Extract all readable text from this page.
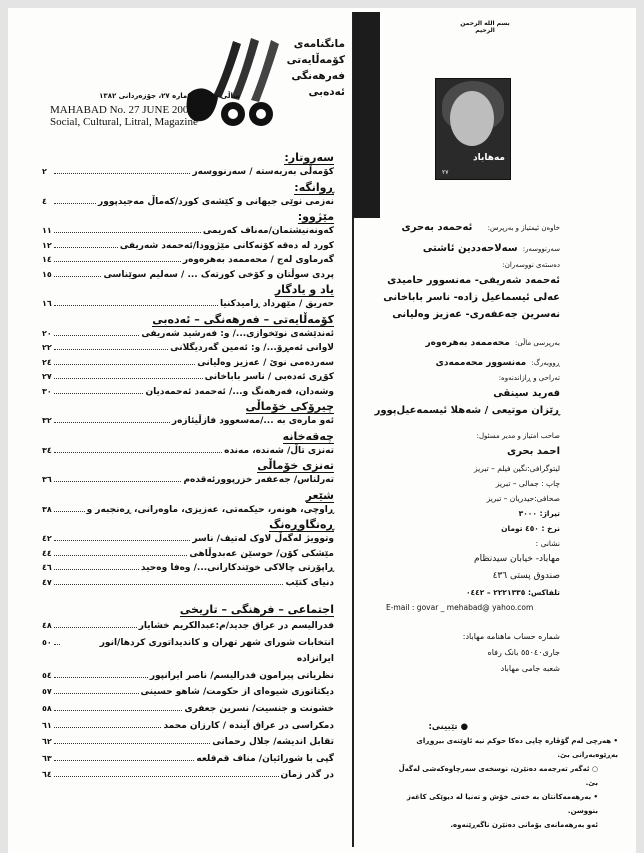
مانگنامەی
کۆمەڵایەتی
فەرهەنگی
ئەدەبی
ساڵی سێیەم، ژمارە ٢٧، جۆزەردانی ١٣٨٢
MAHABAD No. 27 JUNE 2003
Social, Cultural, Litral, Magazine
سەروتار:
کۆمەڵی بەربەستە / سەرنووسەر
٢
ڕوانگە:
نەزمی نوێی جیهانی و کێشەی کورد/کەماڵ مەجیدپوور
٤
مێژوو:
کەونەنیشتمان/مەناف کەریمی
١١
کورد لە دەقە کۆنەکانی مێژوودا/ئەحمەد شەریفی
١٢
گەرماوی لەج / محەممەد بەهرەوەر
١٤
پردی سوڵتان و کۆخی کورتەک ... / سەلیم سوێناسی
١٥
یاد و یادگار
حەریق / مێهرداد ڕامیدکنیا
١٦
کۆمەڵایەتی – فەرهەنگی – ئەدەبی
ئەندێشەی نوێخوازی.../ و: فەرشید شەریفی
٢٠
لاوانی ئەمڕۆ.../ و: ئەمین گەردیگلانی
٢٢
سەردەمی نوێ / عەزیز وەلیانی
٢٤
کۆڕی ئەدەبی / ناسر باباخانی
٢٧
وشەدان، فەرهەنگ و.../ ئەحمەد ئەحمەدیان
٣٠
چیرۆکی خۆماڵی
ئەو مارەی بە .../مەسعوود فازڵیئازەر
٣٢
چەقەخانە
تەنزی تاڵ/ شەندە، مەندە
٣٤
تەنزی خۆماڵی
تەرلناس/ جەعفەر خزرپوورئەقدەم
٣٦
شێعر
ڕاوچی، هونەر، حیکمەتی، عەزیزی، ماوەرانی، ڕەنجبەر و
٣٨
ڕەنگاوڕەنگ
وتوویژ لەگەڵ لاوک لەتیف/ ناسر
٤٢
مێشکی کۆن/ حوسێن عەبدوڵاهی
٤٤
ڕاپۆرتی چالاکی خوێندکارانی.../ وەفا وەحید
٤٦
دنیای کتێب
٤٧
اجتماعی – فرهنگی – تاریخی
فدرالیسم در عراق جدید/م:عبدالکریم خشایار
٤٨
انتخابات شورای شهر تهران و کاندیداتوری کردها/انور ایرانزاده
٥٠
نظریاتی پیرامون فدرالیسم/ ناصر ایرانپور
٥٤
دیکتاتوری شیوه‌ای از حکومت/ شاهو حسینی
٥٧
خشونت و جنسیت/ نسرین جعفری
٥٨
دمکراسی در عراق آینده / کارزان محمد
٦١
تقابل اندیشه/ جلال رحمانی
٦٢
گپی با شورائیان/ مناف قم‌قلعه
٦٣
در گذر زمان
٦٤
بسم الله الرحمن الرحیم
مەهاباد
٢٧
خاوەن ئیمتیاز و بەرپرس:   ئەحمەد بەحری
سەرنووسەر: سەلاحەددین ئاشتی
دەستەی نووسەران:
ئەحمەد شەریفی- مەنسوور حامیدی
عەلی ئیسماعیل زادە- ناسر باباخانی
نەسرین جەعفەری- عەزیز وەلیانی
بەرپرسی ماڵی: محەممەد بەهرەوەر
ڕووبەرگ: مەنسوور محەممەدی
تەراحی و ڕازاندنەوە:
فەرید سینقی
ڕێزان موتیعی / شەهلا ئیسمەعیل‌پوور
صاحب امتیاز و مدیر مسئول:
احمد بحری
لیتوگرافی:نگین فیلم – تبریز
چاپ : جمالی – تبریز
صحافی:حیدریان – تبریز
تیراژ: ٣٠٠٠
نرخ : ٤٥٠ تومان
نشانی :
مهاباد- خیابان سیدنظام
صندوق پستی ٤٣٦
تلفاکس: ٢٢٢١٣٣٥ – ٠٤٤٢
E-mail : govar _ mehabad@ yahoo.com
شماره حساب ماهنامه مهاباد:
جاری٥٥٠٤٠ بانک رفاه
شعبه جامی مهاباد
● تێبینی:
• هەرچی لەم گۆڤارە چاپی دەکا حوکم نیە ئاوێنەی بیروڕای بەڕێوەبەرانی بێ.
○ ئەگەر تەرجەمە دەنێرن، نوسخەی سەرچاوەکەشی لەگەڵ بێ.
• بەرهەمەکانتان بە خەتی خۆش و تەنیا لە دیوێکی کاغەز بنووسن.
ئەو بەرهەمانەی بۆمانی دەنێرن ناگەڕێنەوە.
